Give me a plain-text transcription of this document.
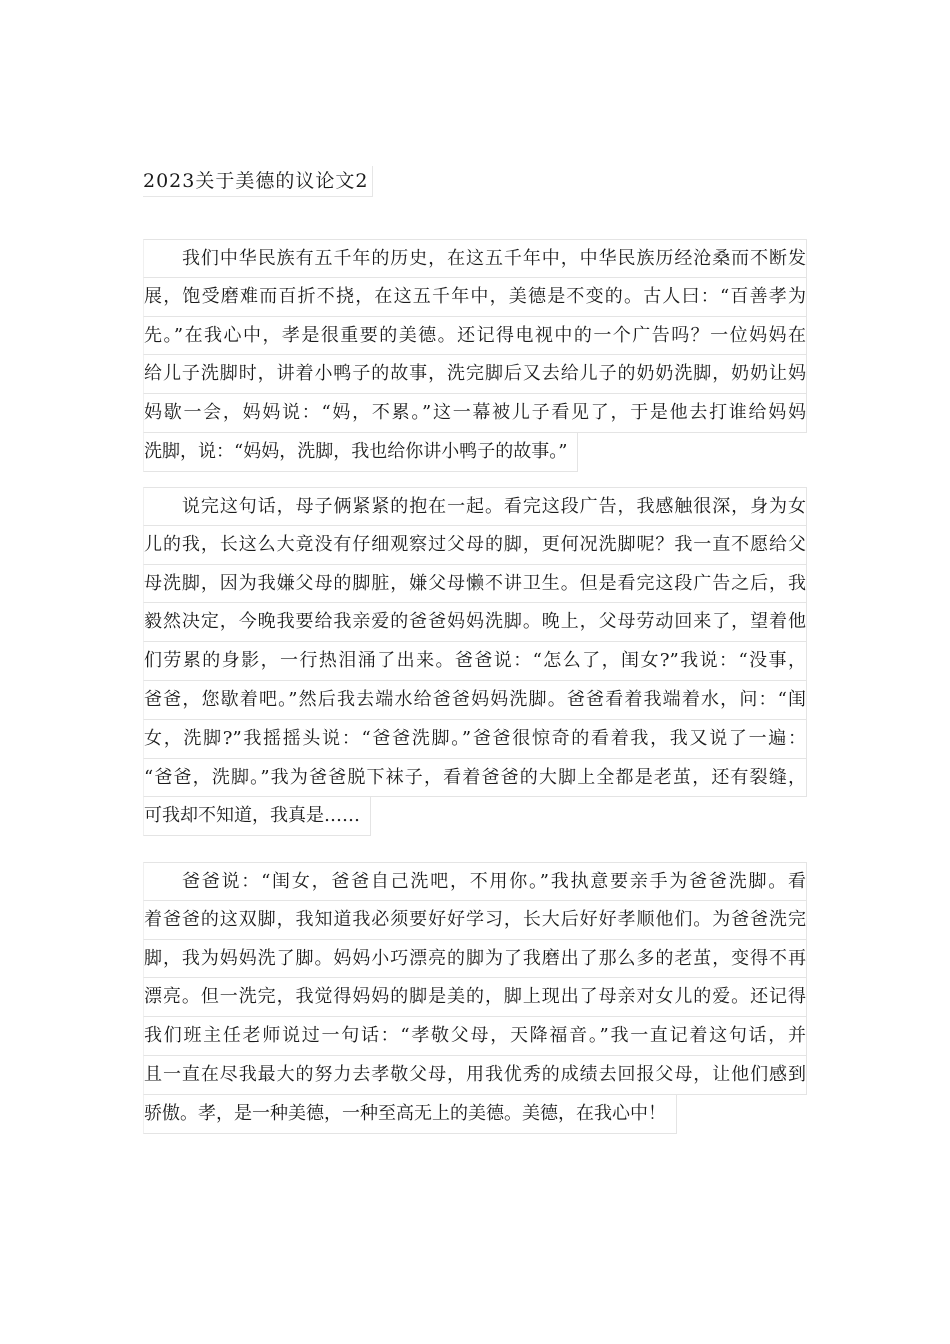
2023关于美德的议论文2
我们中华民族有五千年的历史，在这五千年中，中华民族历经沧桑而不断发
展，饱受磨难而百折不挠，在这五千年中，美德是不变的。古人曰：“百善孝为
先。”在我心中，孝是很重要的美德。还记得电视中的一个广告吗？一位妈妈在
给儿子洗脚时，讲着小鸭子的故事，洗完脚后又去给儿子的奶奶洗脚，奶奶让妈
妈歇一会，妈妈说：“妈，不累。”这一幕被儿子看见了，于是他去打谁给妈妈
洗脚，说：“妈妈，洗脚，我也给你讲小鸭子的故事。”
说完这句话，母子俩紧紧的抱在一起。看完这段广告，我感触很深，身为女
儿的我，长这么大竟没有仔细观察过父母的脚，更何况洗脚呢？我一直不愿给父
母洗脚，因为我嫌父母的脚脏，嫌父母懒不讲卫生。但是看完这段广告之后，我
毅然决定，今晚我要给我亲爱的爸爸妈妈洗脚。晚上，父母劳动回来了，望着他
们劳累的身影，一行热泪涌了出来。爸爸说：“怎么了，闺女?”我说：“没事，
爸爸，您歇着吧。”然后我去端水给爸爸妈妈洗脚。爸爸看着我端着水，问：“闺
女，洗脚?”我摇摇头说：“爸爸洗脚。”爸爸很惊奇的看着我，我又说了一遍：
“爸爸，洗脚。”我为爸爸脱下袜子，看着爸爸的大脚上全都是老茧，还有裂缝，
可我却不知道，我真是……
爸爸说：“闺女，爸爸自己洗吧，不用你。”我执意要亲手为爸爸洗脚。看
着爸爸的这双脚，我知道我必须要好好学习，长大后好好孝顺他们。为爸爸洗完
脚，我为妈妈洗了脚。妈妈小巧漂亮的脚为了我磨出了那么多的老茧，变得不再
漂亮。但一洗完，我觉得妈妈的脚是美的，脚上现出了母亲对女儿的爱。还记得
我们班主任老师说过一句话：“孝敬父母，天降福音。”我一直记着这句话，并
且一直在尽我最大的努力去孝敬父母，用我优秀的成绩去回报父母，让他们感到
骄傲。孝，是一种美德，一种至高无上的美德。美德，在我心中！
